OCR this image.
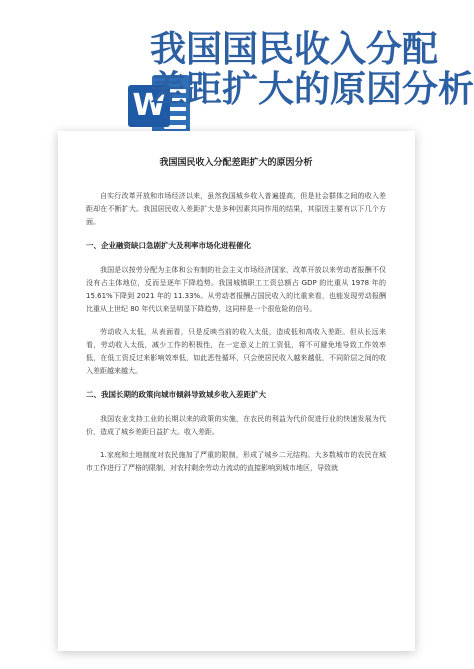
W
我国国民收入分配
差距扩大的原因分析
我国国民收入分配差距扩大的原因分析

自实行改革开放和市场经济以来，虽然我国城乡收入普遍提高，但是社会群体之间的收入差距却在不断扩大。我国居民收入差距扩大是多种因素共同作用的结果，其原因主要有以下几个方面。

一、企业融资缺口急剧扩大及利率市场化进程催化

我国是以按劳分配为主体和公有制的社会主义市场经济国家，改革开放以来劳动者报酬不仅没有占主体地位，反而呈逐年下降趋势。我国城镇职工工资总额占 GDP 的比重从 1978 年的 15.61%下降到 2021 年的 11.33%。从劳动者报酬占国民收入的比重来看，也能发现劳动报酬比重从上世纪 80 年代以来呈明显下降趋势，这同样是一个很危险的信号。

劳动收入太低，从表面看，只是反映当前的收入太低，造成低和高收入差距。但从长远来看，劳动收入太低，减少工作的积极性，在一定意义上的工资低，将不可避免地导致工作效率低，在低工资反过来影响效率低，如此恶性循环，只会使居民收入越来越低，不同阶层之间的收入差距越来越大。

二、我国长期的政策向城市倾斜导致城乡收入差距扩大

我国农业支持工业的长期以来的政策的实施，在农民的利益为代价促进行业的快速发展为代价，造成了城乡差距日益扩大。收入差距。

1.家庭和土地制度对农民施加了严重的限制，形成了城乡二元结构。大多数城市的农民在城市工作进行了严格的限制，对农村剩余劳动力流动的直接影响到城市地区，导致就
